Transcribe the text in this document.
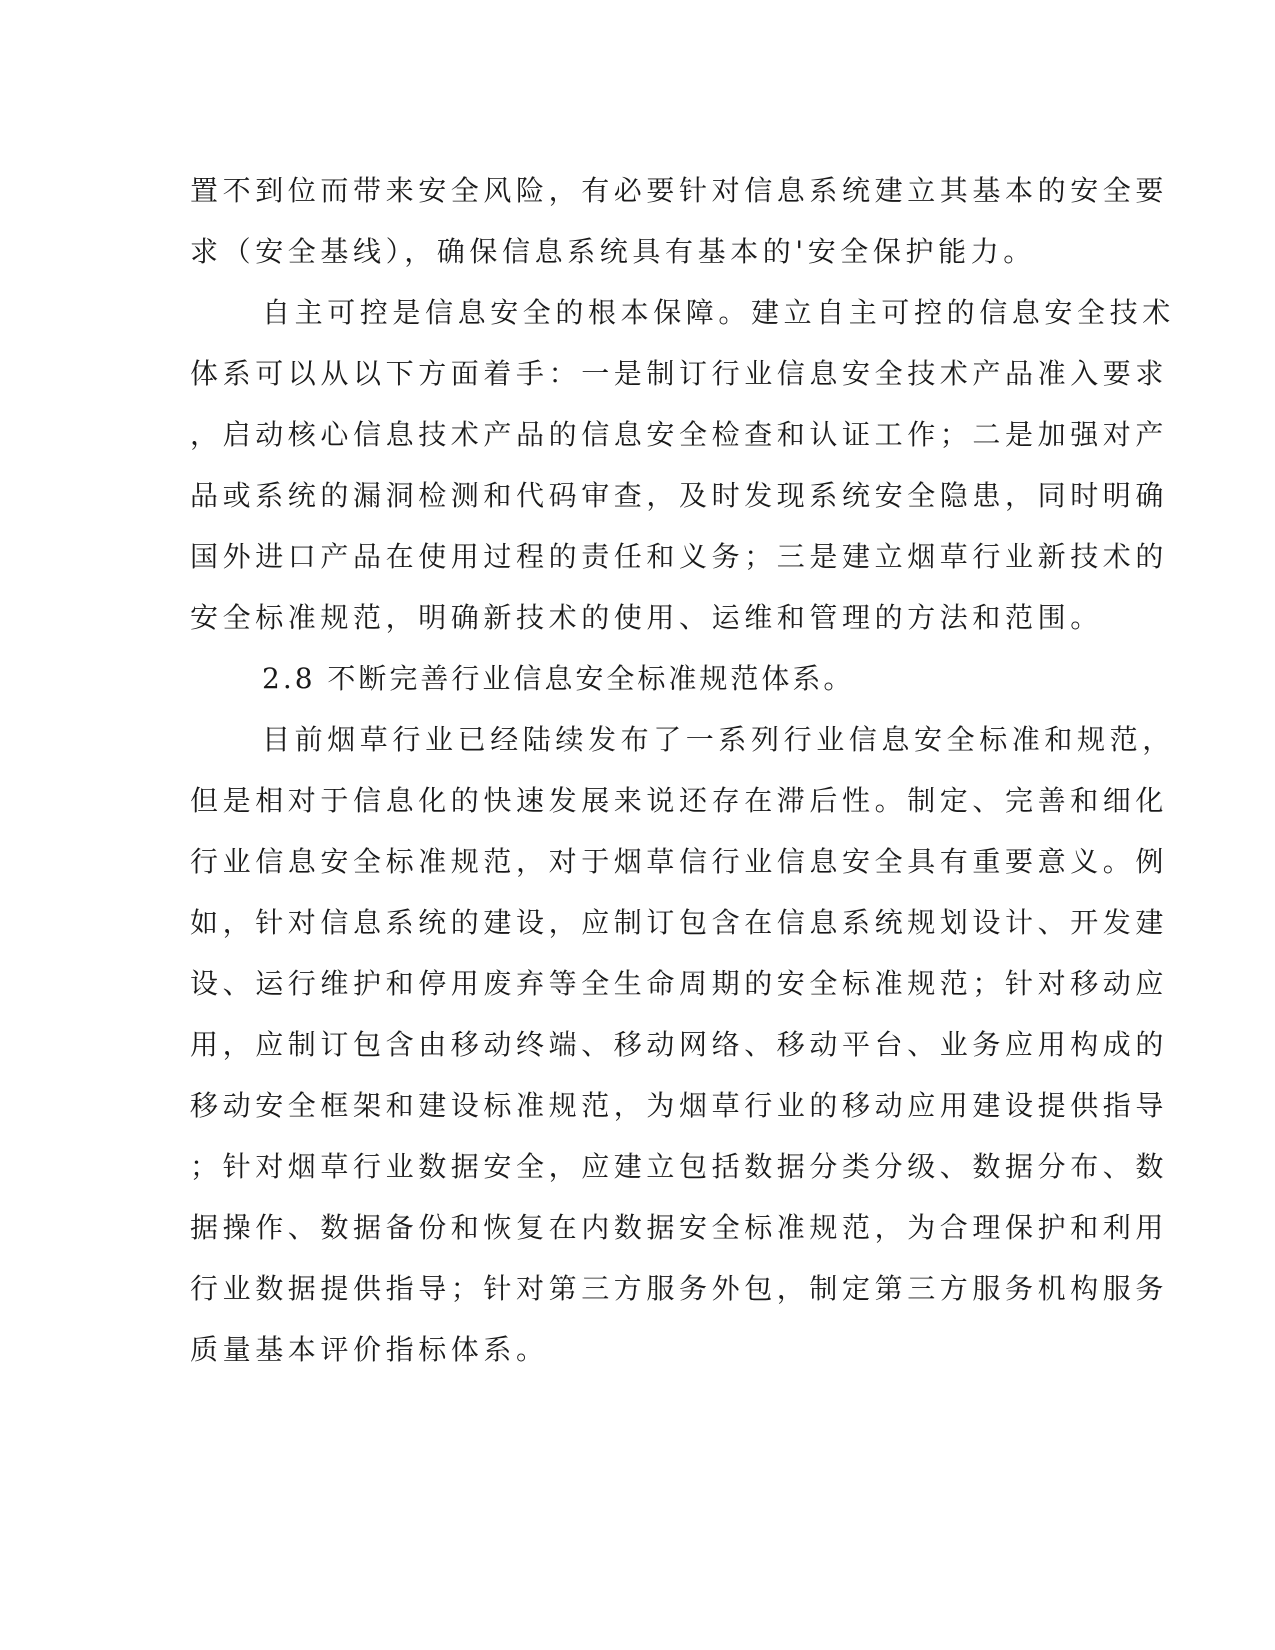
置不到位而带来安全风险，有必要针对信息系统建立其基本的安全要
求（安全基线），确保信息系统具有基本的'安全保护能力。
自主可控是信息安全的根本保障。建立自主可控的信息安全技术
体系可以从以下方面着手：一是制订行业信息安全技术产品准入要求
，启动核心信息技术产品的信息安全检查和认证工作；二是加强对产
品或系统的漏洞检测和代码审查，及时发现系统安全隐患，同时明确
国外进口产品在使用过程的责任和义务；三是建立烟草行业新技术的
安全标准规范，明确新技术的使用、运维和管理的方法和范围。
2.8 不断完善行业信息安全标准规范体系。
目前烟草行业已经陆续发布了一系列行业信息安全标准和规范，
但是相对于信息化的快速发展来说还存在滞后性。制定、完善和细化
行业信息安全标准规范，对于烟草信行业信息安全具有重要意义。例
如，针对信息系统的建设，应制订包含在信息系统规划设计、开发建
设、运行维护和停用废弃等全生命周期的安全标准规范；针对移动应
用，应制订包含由移动终端、移动网络、移动平台、业务应用构成的
移动安全框架和建设标准规范，为烟草行业的移动应用建设提供指导
；针对烟草行业数据安全，应建立包括数据分类分级、数据分布、数
据操作、数据备份和恢复在内数据安全标准规范，为合理保护和利用
行业数据提供指导；针对第三方服务外包，制定第三方服务机构服务
质量基本评价指标体系。
